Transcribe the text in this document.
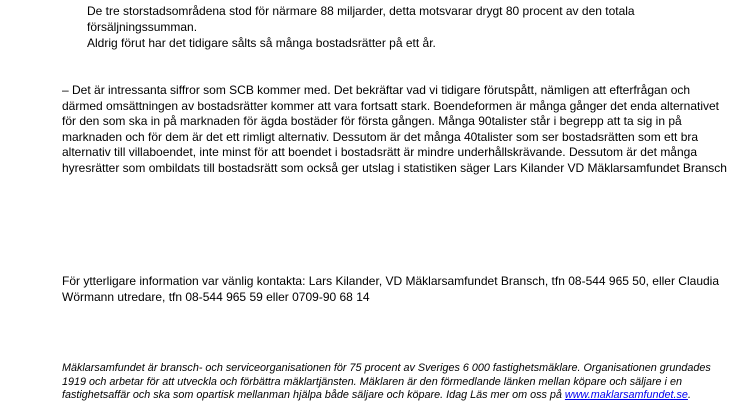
De tre storstadsområdena stod för närmare 88 miljarder, detta motsvarar drygt 80 procent av den totala försäljningssumman.

Aldrig förut har det tidigare sålts så många bostadsrätter på ett år.

– Det är intressanta siffror som SCB kommer med. Det bekräftar vad vi tidigare förutspått, nämligen att efterfrågan och därmed omsättningen av bostadsrätter kommer att vara fortsatt stark. Boendeformen är många gånger det enda alternativet för den som ska in på marknaden för ägda bostäder för första gången. Många 90talister står i begrepp att ta sig in på marknaden och för dem är det ett rimligt alternativ. Dessutom är det många 40talister som ser bostadsrätten som ett bra alternativ till villaboendet, inte minst för att boendet i bostadsrätt är mindre underhållskrävande. Dessutom är det många hyresrätter som ombildats till bostadsrätt som också ger utslag i statistiken säger Lars Kilander VD Mäklarsamfundet Bransch

För ytterligare information var vänlig kontakta: Lars Kilander, VD Mäklarsamfundet Bransch, tfn 08-544 965 50, eller Claudia Wörmann utredare, tfn 08-544 965 59 eller 0709-90 68 14

Mäklarsamfundet är bransch- och serviceorganisationen för 75 procent av Sveriges 6 000 fastighetsmäklare. Organisationen grundades 1919 och arbetar för att utveckla och förbättra mäklartjänsten. Mäklaren är den förmedlande länken mellan köpare och säljare i en fastighetsaffär och ska som opartisk mellanman hjälpa både säljare och köpare. Idag Läs mer om oss på www.maklarsamfundet.se.
